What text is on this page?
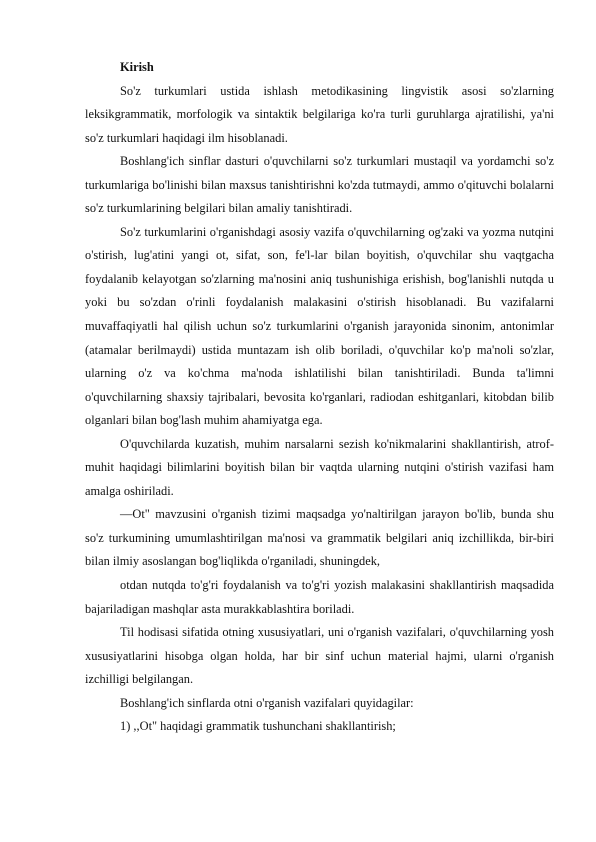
Kirish

So'z turkumlari ustida ishlash metodikasining lingvistik asosi so'zlarning leksikgrammatik, morfologik va sintaktik belgilariga ko'ra turli guruhlarga ajratilishi, ya'ni so'z turkumlari haqidagi ilm hisoblanadi.

Boshlang'ich sinflar dasturi o'quvchilarni so'z turkumlari mustaqil va yordamchi so'z turkumlariga bo'linishi bilan maxsus tanishtirishni ko'zda tutmaydi, ammo o'qituvchi bolalarni so'z turkumlarining belgilari bilan amaliy tanishtiradi.

So'z turkumlarini o'rganishdagi asosiy vazifa o'quvchilarning og'zaki va yozma nutqini o'stirish, lug'atini yangi ot, sifat, son, fe'l-lar bilan boyitish, o'quvchilar shu vaqtgacha foydalanib kelayotgan so'zlarning ma'nosini aniq tushunishiga erishish, bog'lanishli nutqda u yoki bu so'zdan o'rinli foydalanish malakasini o'stirish hisoblanadi. Bu vazifalarni muvaffaqiyatli hal qilish uchun so'z turkumlarini o'rganish jarayonida sinonim, antonimlar (atamalar berilmaydi) ustida muntazam ish olib boriladi, o'quvchilar ko'p ma'noli so'zlar, ularning o'z va ko'chma ma'noda ishlatilishi bilan tanishtiriladi. Bunda ta'limni o'quvchilarning shaxsiy tajribalari, bevosita ko'rganlari, radiodan eshitganlari, kitobdan bilib olganlari bilan bog'lash muhim ahamiyatga ega.

O'quvchilarda kuzatish, muhim narsalarni sezish ko'nikmalarini shakllantirish, atrof-muhit haqidagi bilimlarini boyitish bilan bir vaqtda ularning nutqini o'stirish vazifasi ham amalga oshiriladi.

―Ot" mavzusini o'rganish tizimi maqsadga yo'naltirilgan jarayon bo'lib, bunda shu so'z turkumining umumlashtirilgan ma'nosi va grammatik belgilari aniq izchillikda, bir-biri bilan ilmiy asoslangan bog'liqlikda o'rganiladi, shuningdek,

otdan nutqda to'g'ri foydalanish va to'g'ri yozish malakasini shakllantirish maqsadida bajariladigan mashqlar asta murakkablashtira boriladi.

Til hodisasi sifatida otning xususiyatlari, uni o'rganish vazifalari, o'quvchilarning yosh xususiyatlarini hisobga olgan holda, har bir sinf uchun material hajmi, ularni o'rganish izchilligi belgilangan.

Boshlang'ich sinflarda otni o'rganish vazifalari quyidagilar:

1) ,,Ot" haqidagi grammatik tushunchani shakllantirish;
